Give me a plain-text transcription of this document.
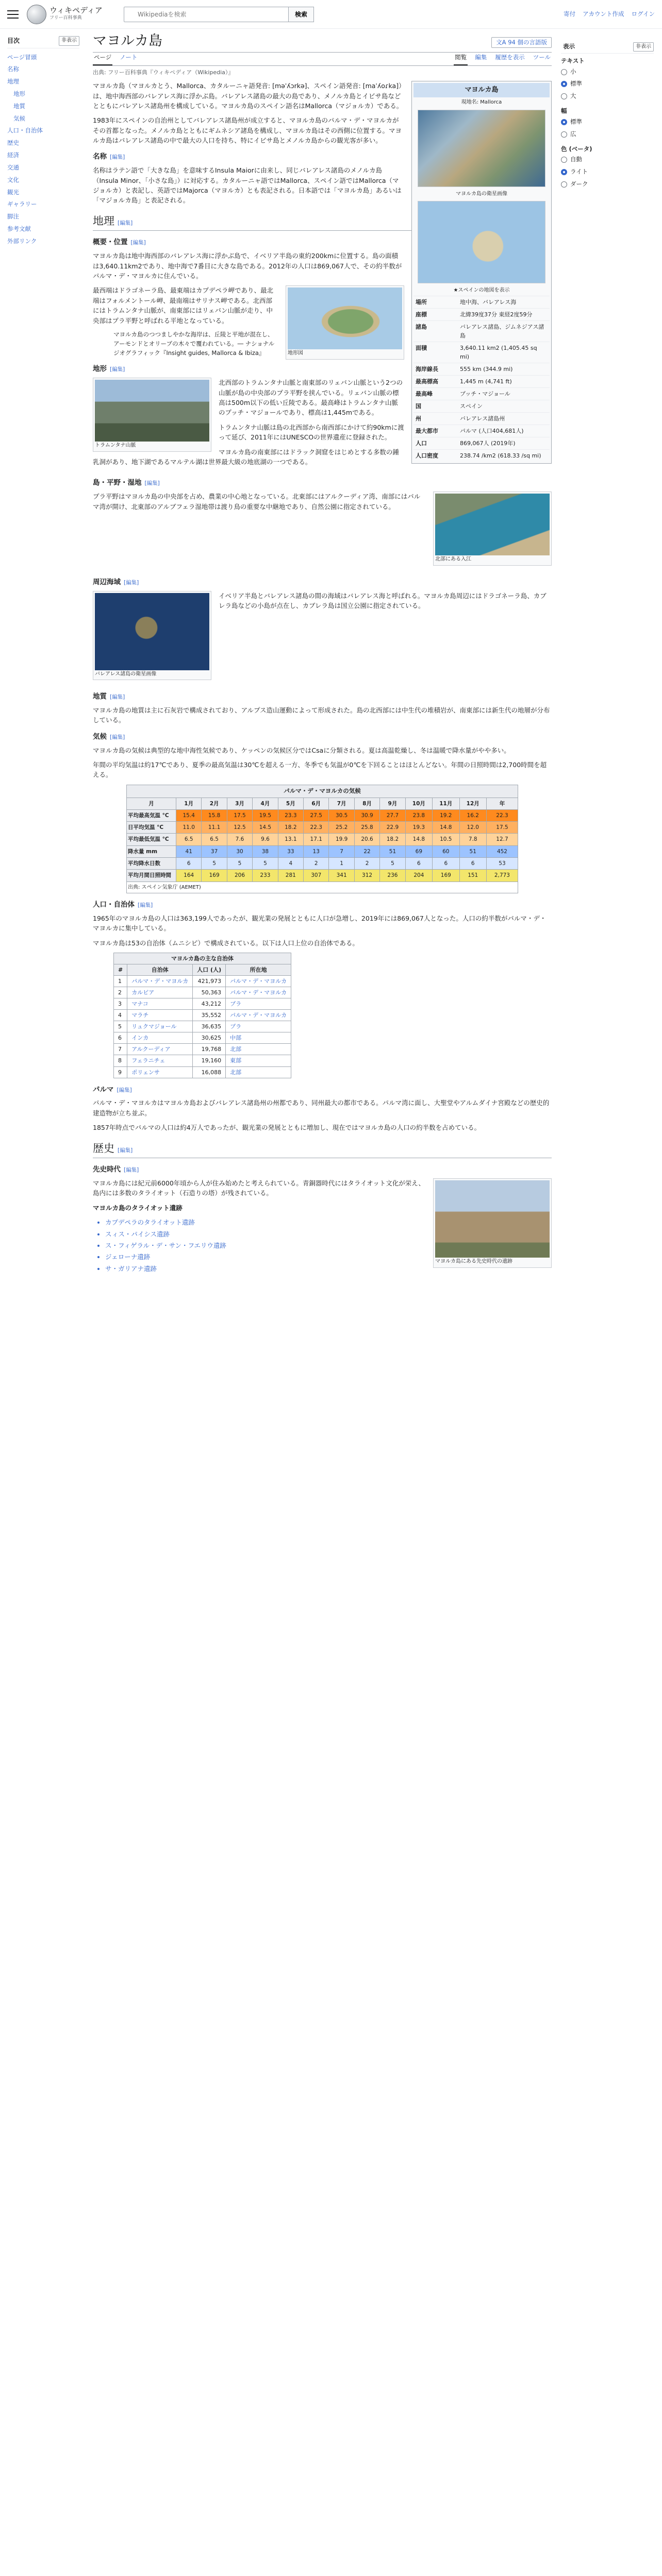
ウィキペディア
フリー百科事典
Wikipediaを検索	検索	寄付 アカウント作成 ログイン
目次	非表示
ページ冒頭
名称
地理
地形
地質
気候
人口・自治体
歴史
経済
交通
文化
観光
ギャラリー
脚注
参考文献
外部リンク
マヨルカ島	文A 94 個の言語版
ページ ノート	閲覧 編集 履歴を表示 ツール
出典: フリー百科事典『ウィキペディア（Wikipedia）』
マヨルカ島
現地名: Mallorca
マヨルカ島の衛星画像
★スペインの地図を表示
場所	地中海、バレアレス海
座標	北緯39度37分 東経2度59分
諸島	バレアレス諸島、ジムネジアス諸島
面積	3,640.11 km2 (1,405.45 sq mi)
海岸線長	555 km (344.9 mi)
最高標高	1,445 m (4,741 ft)
最高峰	プッチ・マジョール
国	スペイン
州	バレアレス諸島州
最大都市	パルマ (人口404,681人)
人口	869,067人 (2019年)
人口密度	238.74 /km2 (618.33 /sq mi)

マヨルカ島（マヨルカとう、Mallorca、カタルーニャ語発音: [məˈʎɔrkə]、スペイン語発音: [maˈʎoɾka]）は、地中海西部のバレアレス海に浮かぶ島。バレアレス諸島の最大の島であり、メノルカ島とイビサ島などとともにバレアレス諸島州を構成している。マヨルカ島のスペイン語名はMallorca（マジョルカ）である。

1983年にスペインの自治州としてバレアレス諸島州が成立すると、マヨルカ島のパルマ・デ・マヨルカがその首都となった。メノルカ島とともにギムネシア諸島を構成し、マヨルカ島はその西側に位置する。マヨルカ島はバレアレス諸島の中で最大の人口を持ち、特にイビサ島とメノルカ島からの観光客が多い。

名称 [編集]

名称はラテン語で「大きな島」を意味するInsula Maiorに由来し、同じバレアレス諸島のメノルカ島（Insula Minor、「小さな島」）に対応する。カタルーニャ語ではMallorca、スペイン語ではMallorca（マジョルカ）と表記し、英語ではMajorca（マヨルカ）とも表記される。日本語では「マヨルカ島」あるいは「マジョルカ島」と表記される。

地理 [編集]
概要・位置 [編集]

マヨルカ島は地中海西部のバレアレス海に浮かぶ島で、イベリア半島の東約200kmに位置する。島の面積は3,640.11km2であり、地中海で7番目に大きな島である。2012年の人口は869,067人で、その約半数がパルマ・デ・マヨルカに住んでいる。

地形図

最西端はドラゴネーラ島、最東端はカプデペラ岬であり、最北端はフォルメントール岬、最南端はサリナス岬である。北西部にはトラムンタナ山脈が、南東部にはリェバン山脈が走り、中央部はプラ平野と呼ばれる平地となっている。

マヨルカ島のつつましやかな海岸は、丘陵と平地が混在し、アーモンドとオリーブの木々で覆われている。― ナショナルジオグラフィック『Insight guides, Mallorca & Ibiza』
地形 [編集]
トラムンタナ山脈

北西部のトラムンタナ山脈と南東部のリェバン山脈という2つの山脈が島の中央部のプラ平野を挟んでいる。リェバン山脈の標高は500m以下の低い丘陵である。最高峰はトラムンタナ山脈のプッチ・マジョールであり、標高は1,445mである。

トラムンタナ山脈は島の北西部から南西部にかけて約90kmに渡って延び、2011年にはUNESCOの世界遺産に登録された。

マヨルカ島の南東部にはドラック洞窟をはじめとする多数の鍾乳洞があり、地下湖であるマルテル湖は世界最大級の地底湖の一つである。

島・平野・湿地 [編集]
北部にある入江

プラ平野はマヨルカ島の中央部を占め、農業の中心地となっている。北東部にはアルクーディア湾、南部にはパルマ湾が開け、北東部のアルブフェラ湿地帯は渡り鳥の重要な中継地であり、自然公園に指定されている。

周辺海域 [編集]
バレアレス諸島の衛星画像

イベリア半島とバレアレス諸島の間の海域はバレアレス海と呼ばれる。マヨルカ島周辺にはドラゴネーラ島、カブレラ島などの小島が点在し、カブレラ島は国立公園に指定されている。

地質 [編集]

マヨルカ島の地質は主に石灰岩で構成されており、アルプス造山運動によって形成された。島の北西部には中生代の堆積岩が、南東部には新生代の地層が分布している。

気候 [編集]

マヨルカ島の気候は典型的な地中海性気候であり、ケッペンの気候区分ではCsaに分類される。夏は高温乾燥し、冬は温暖で降水量がやや多い。

年間の平均気温は約17℃であり、夏季の最高気温は30℃を超える一方、冬季でも気温が0℃を下回ることはほとんどない。年間の日照時間は2,700時間を超える。

パルマ・デ・マヨルカの気候													
月	1月	2月	3月	4月	5月	6月	7月	8月	9月	10月	11月	12月	年
平均最高気温 °C	15.4	15.8	17.5	19.5	23.3	27.5	30.5	30.9	27.7	23.8	19.2	16.2	22.3
日平均気温 °C	11.0	11.1	12.5	14.5	18.2	22.3	25.2	25.8	22.9	19.3	14.8	12.0	17.5
平均最低気温 °C	6.5	6.5	7.6	9.6	13.1	17.1	19.9	20.6	18.2	14.8	10.5	7.8	12.7
降水量 mm	41	37	30	38	33	13	7	22	51	69	60	51	452
平均降水日数	6	5	5	5	4	2	1	2	5	6	6	6	53
平均月間日照時間	164	169	206	233	281	307	341	312	236	204	169	151	2,773
出典: スペイン気象庁 (AEMET)													
人口・自治体 [編集]

1965年のマヨルカ島の人口は363,199人であったが、観光業の発展とともに人口が急増し、2019年には869,067人となった。人口の約半数がパルマ・デ・マヨルカに集中している。

マヨルカ島は53の自治体（ムニシピ）で構成されている。以下は人口上位の自治体である。

マヨルカ島の主な自治体			
#	自治体	人口 (人)	所在地
1	パルマ・デ・マヨルカ	421,973	パルマ・デ・マヨルカ
2	カルビア	50,363	パルマ・デ・マヨルカ
3	マナコ	43,212	プラ
4	マラチ	35,552	パルマ・デ・マヨルカ
5	リュクマジョール	36,635	プラ
6	インカ	30,625	中部
7	アルクーディア	19,768	北部
8	フェラニチェ	19,160	東部
9	ポリェンサ	16,088	北部
パルマ [編集]

パルマ・デ・マヨルカはマヨルカ島およびバレアレス諸島州の州都であり、同州最大の都市である。パルマ湾に面し、大聖堂やアルムダイナ宮殿などの歴史的建造物が立ち並ぶ。

1857年時点でパルマの人口は約4万人であったが、観光業の発展とともに増加し、現在ではマヨルカ島の人口の約半数を占めている。

歴史 [編集]
先史時代 [編集]
マヨルカ島にある先史時代の遺跡

マヨルカ島には紀元前6000年頃から人が住み始めたと考えられている。青銅器時代にはタライオット文化が栄え、島内には多数のタライオット（石造りの塔）が残されている。

マヨルカ島のタライオット遺跡

• カプデペラのタライオット遺跡
• スィス・パイシス遺跡
• ス・フィゲラル・デ・サン・フエリウ遺跡
• ジェローナ遺跡
• サ・ガリアナ遺跡
表示	非表示
テキスト
小
標準
大
幅
標準
広
色 (ベータ)
自動
ライト
ダーク
